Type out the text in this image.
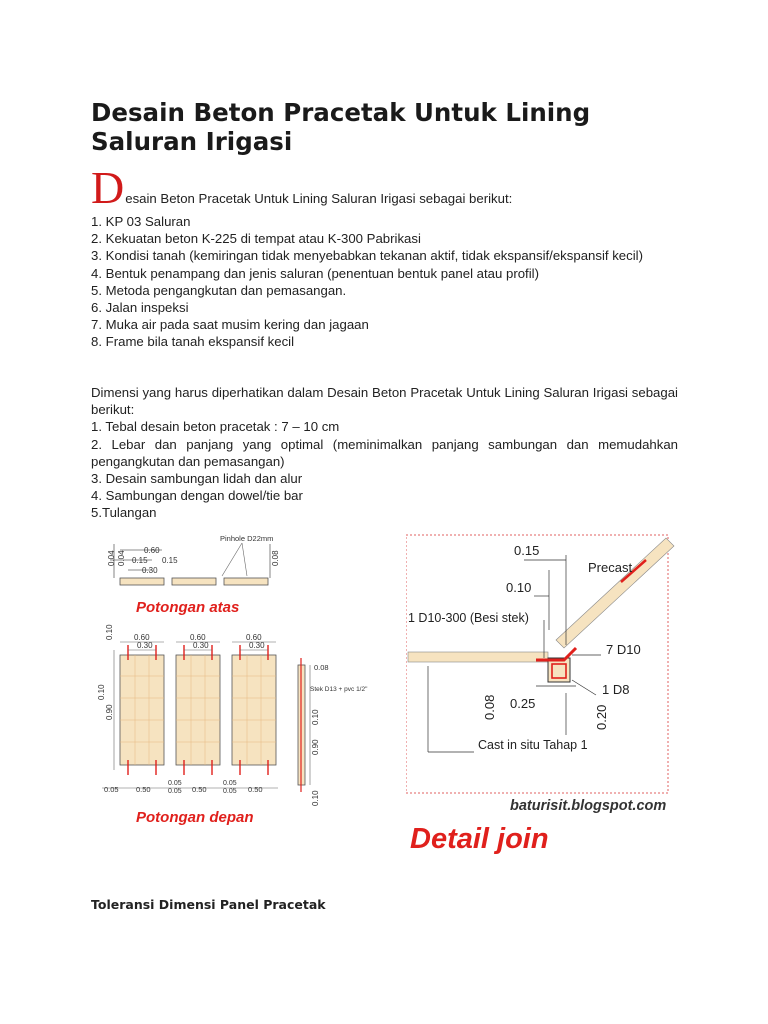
Desain Beton Pracetak Untuk Lining Saluran Irigasi
D esain Beton Pracetak Untuk Lining Saluran Irigasi sebagai berikut:
1. KP 03 Saluran
2. Kekuatan beton K-225 di tempat atau K-300 Pabrikasi
3. Kondisi tanah (kemiringan tidak menyebabkan tekanan aktif, tidak ekspansif/ekspansif kecil)
4. Bentuk penampang dan jenis saluran (penentuan bentuk panel atau profil)
5. Metoda pengangkutan dan pemasangan.
6. Jalan inspeksi
7. Muka air pada saat musim kering dan jagaan
8. Frame bila tanah ekspansif kecil
Dimensi yang harus diperhatikan dalam Desain Beton Pracetak Untuk Lining Saluran Irigasi sebagai berikut:
1. Tebal desain beton pracetak : 7 – 10 cm
2. Lebar dan panjang yang optimal (meminimalkan panjang sambungan dan memudahkan pengangkutan dan pemasangan)
3. Desain sambungan lidah dan alur
4. Sambungan dengan dowel/tie bar
5.Tulangan
0.60
0.15 0.15
0.30
0.04 0.04	0.08
Pinhole D22mm
Potongan atas
0.60
0.30
0.60
0.30
0.60
0.30
0.10
0.90
0.10
0.08
Stek D13 + pvc 1/2"
0.10
0.90
0.10
0.05 0.50
0.05
0.05 0.50
0.05
0.05 0.50
Potongan depan
0.15
Precast
0.10
1 D10-300 (Besi stek)
7 D10
1 D8
0.08 0.25
0.20
Cast in situ Tahap 1
baturisit.blogspot.com
Detail join
Toleransi Dimensi Panel Pracetak
